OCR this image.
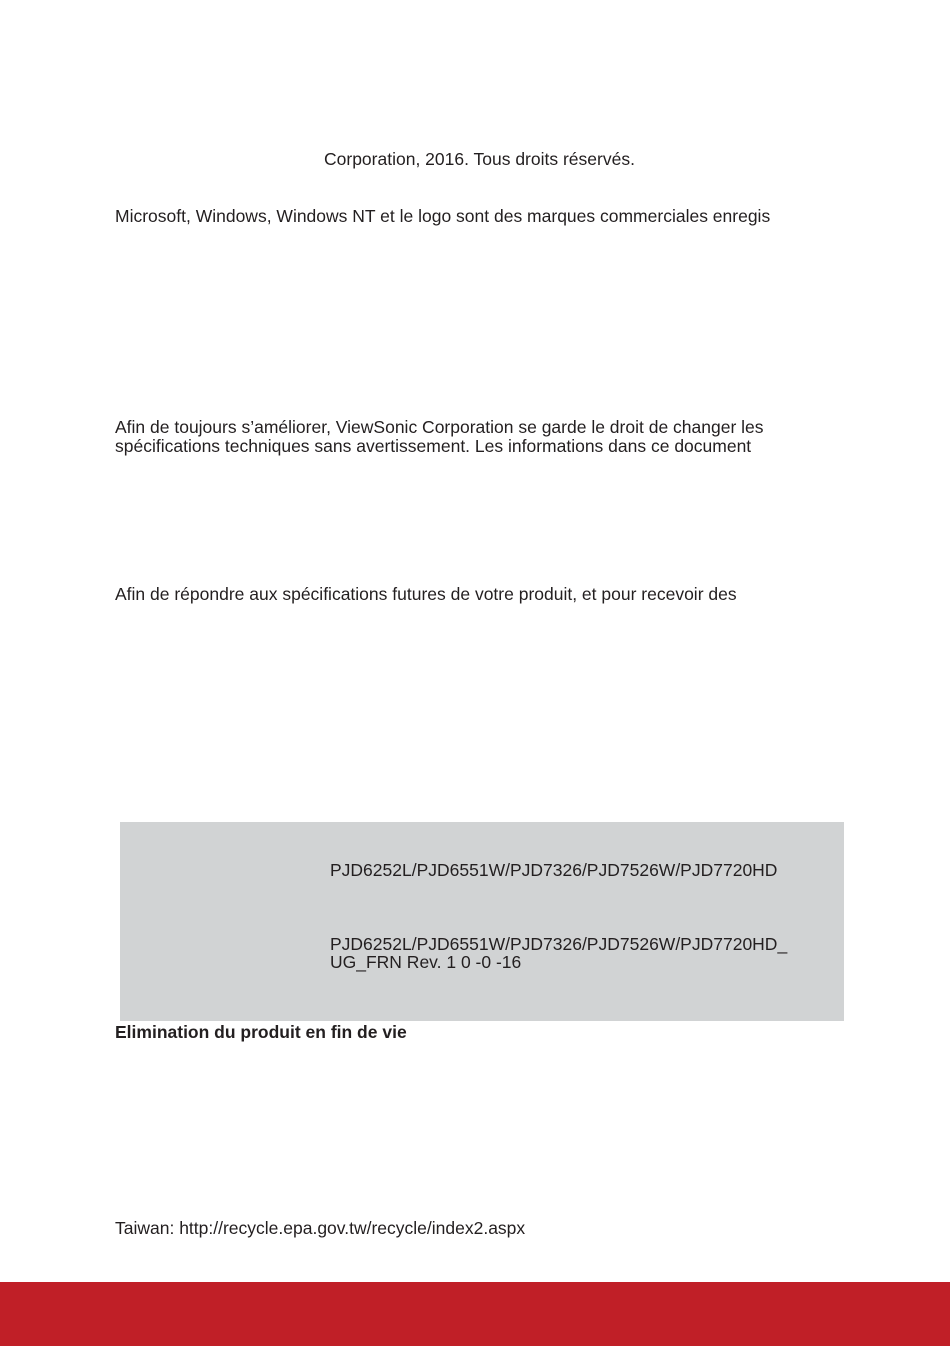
Corporation, 2016. Tous droits réservés.
Microsoft, Windows, Windows NT et le logo sont des marques commerciales enregis
Afin de toujours s’améliorer, ViewSonic Corporation se garde le droit de changer les
spécifications techniques sans avertissement. Les informations dans ce document
Afin de répondre aux spécifications futures de votre produit, et pour recevoir des
PJD6252L/PJD6551W/PJD7326/PJD7526W/PJD7720HD
PJD6252L/PJD6551W/PJD7326/PJD7526W/PJD7720HD_
UG_FRN Rev. 1 0 -0 -16
Elimination du produit en fin de vie
Taiwan: http://recycle.epa.gov.tw/recycle/index2.aspx
